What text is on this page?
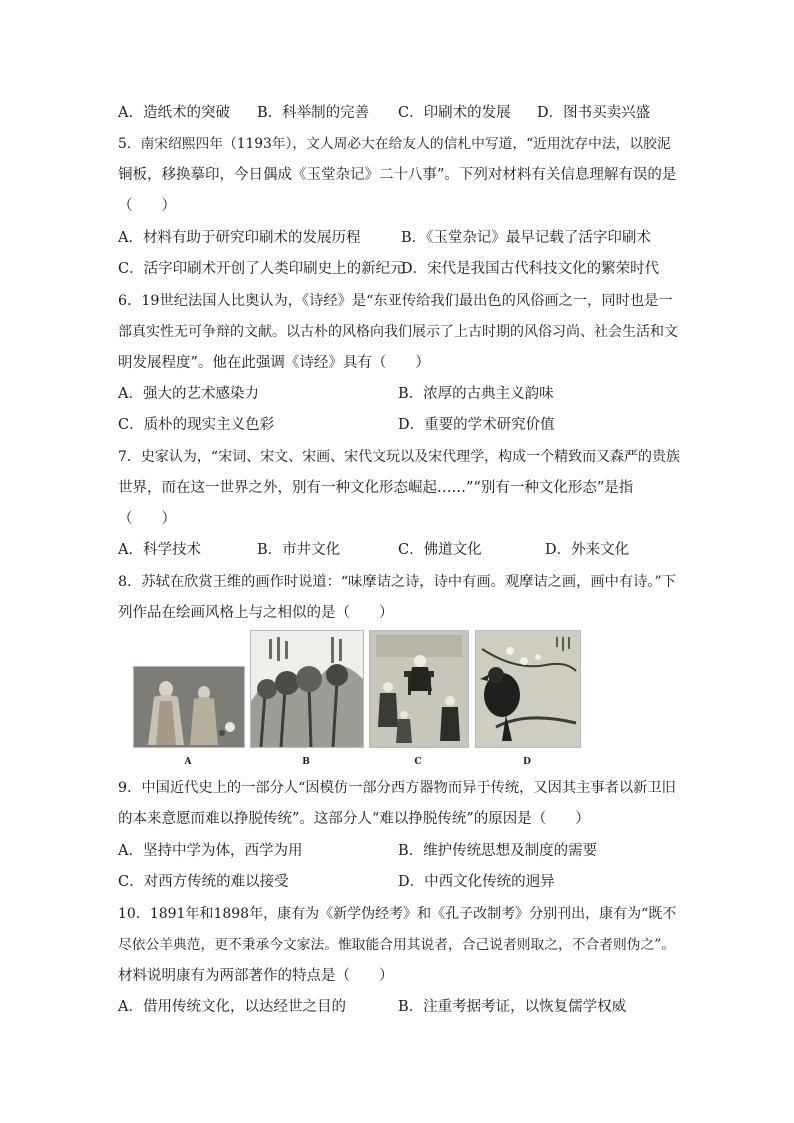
A．造纸术的突破 B．科举制的完善 C．印刷术的发展 D．图书买卖兴盛
5．南宋绍熙四年（1193年），文人周必大在给友人的信札中写道，“近用沈存中法，以胶泥
铜板，移换摹印，今日偶成《玉堂杂记》二十八事”。下列对材料有关信息理解有误的是
（　　）
A．材料有助于研究印刷术的发展历程	B．《玉堂杂记》最早记载了活字印刷术
C．活字印刷术开创了人类印刷史上的新纪元
D．宋代是我国古代科技文化的繁荣时代
6．19世纪法国人比奥认为，《诗经》是“东亚传给我们最出色的风俗画之一，同时也是一
部真实性无可争辩的文献。以古朴的风格向我们展示了上古时期的风俗习尚、社会生活和文
明发展程度”。他在此强调《诗经》具有（　　）
A．强大的艺术感染力	B．浓厚的古典主义韵味
C．质朴的现实主义色彩	D．重要的学术研究价值
7．史家认为，“宋词、宋文、宋画、宋代文玩以及宋代理学，构成一个精致而又森严的贵族
世界，而在这一世界之外，别有一种文化形态崛起……”“别有一种文化形态”是指
（　　）
A．科学技术	B．市井文化	C．佛道文化	D．外来文化
8．苏轼在欣赏王维的画作时说道：“味摩诘之诗，诗中有画。观摩诘之画，画中有诗。”下
列作品在绘画风格上与之相似的是（　　）
A	B	C	D
9．中国近代史上的一部分人“因模仿一部分西方器物而异于传统，又因其主事者以新卫旧
的本来意愿而难以挣脱传统”。这部分人“难以挣脱传统”的原因是（　　）
A．坚持中学为体，西学为用	B．维护传统思想及制度的需要
C．对西方传统的难以接受	D．中西文化传统的迥异
10．1891年和1898年，康有为《新学伪经考》和《孔子改制考》分别刊出，康有为“既不
尽依公羊典范，更不秉承今文家法。惟取能合用其说者，合己说者则取之，不合者则伪之”。
材料说明康有为两部著作的特点是（　　）
A．借用传统文化，以达经世之目的	B．注重考据考证，以恢复儒学权威
